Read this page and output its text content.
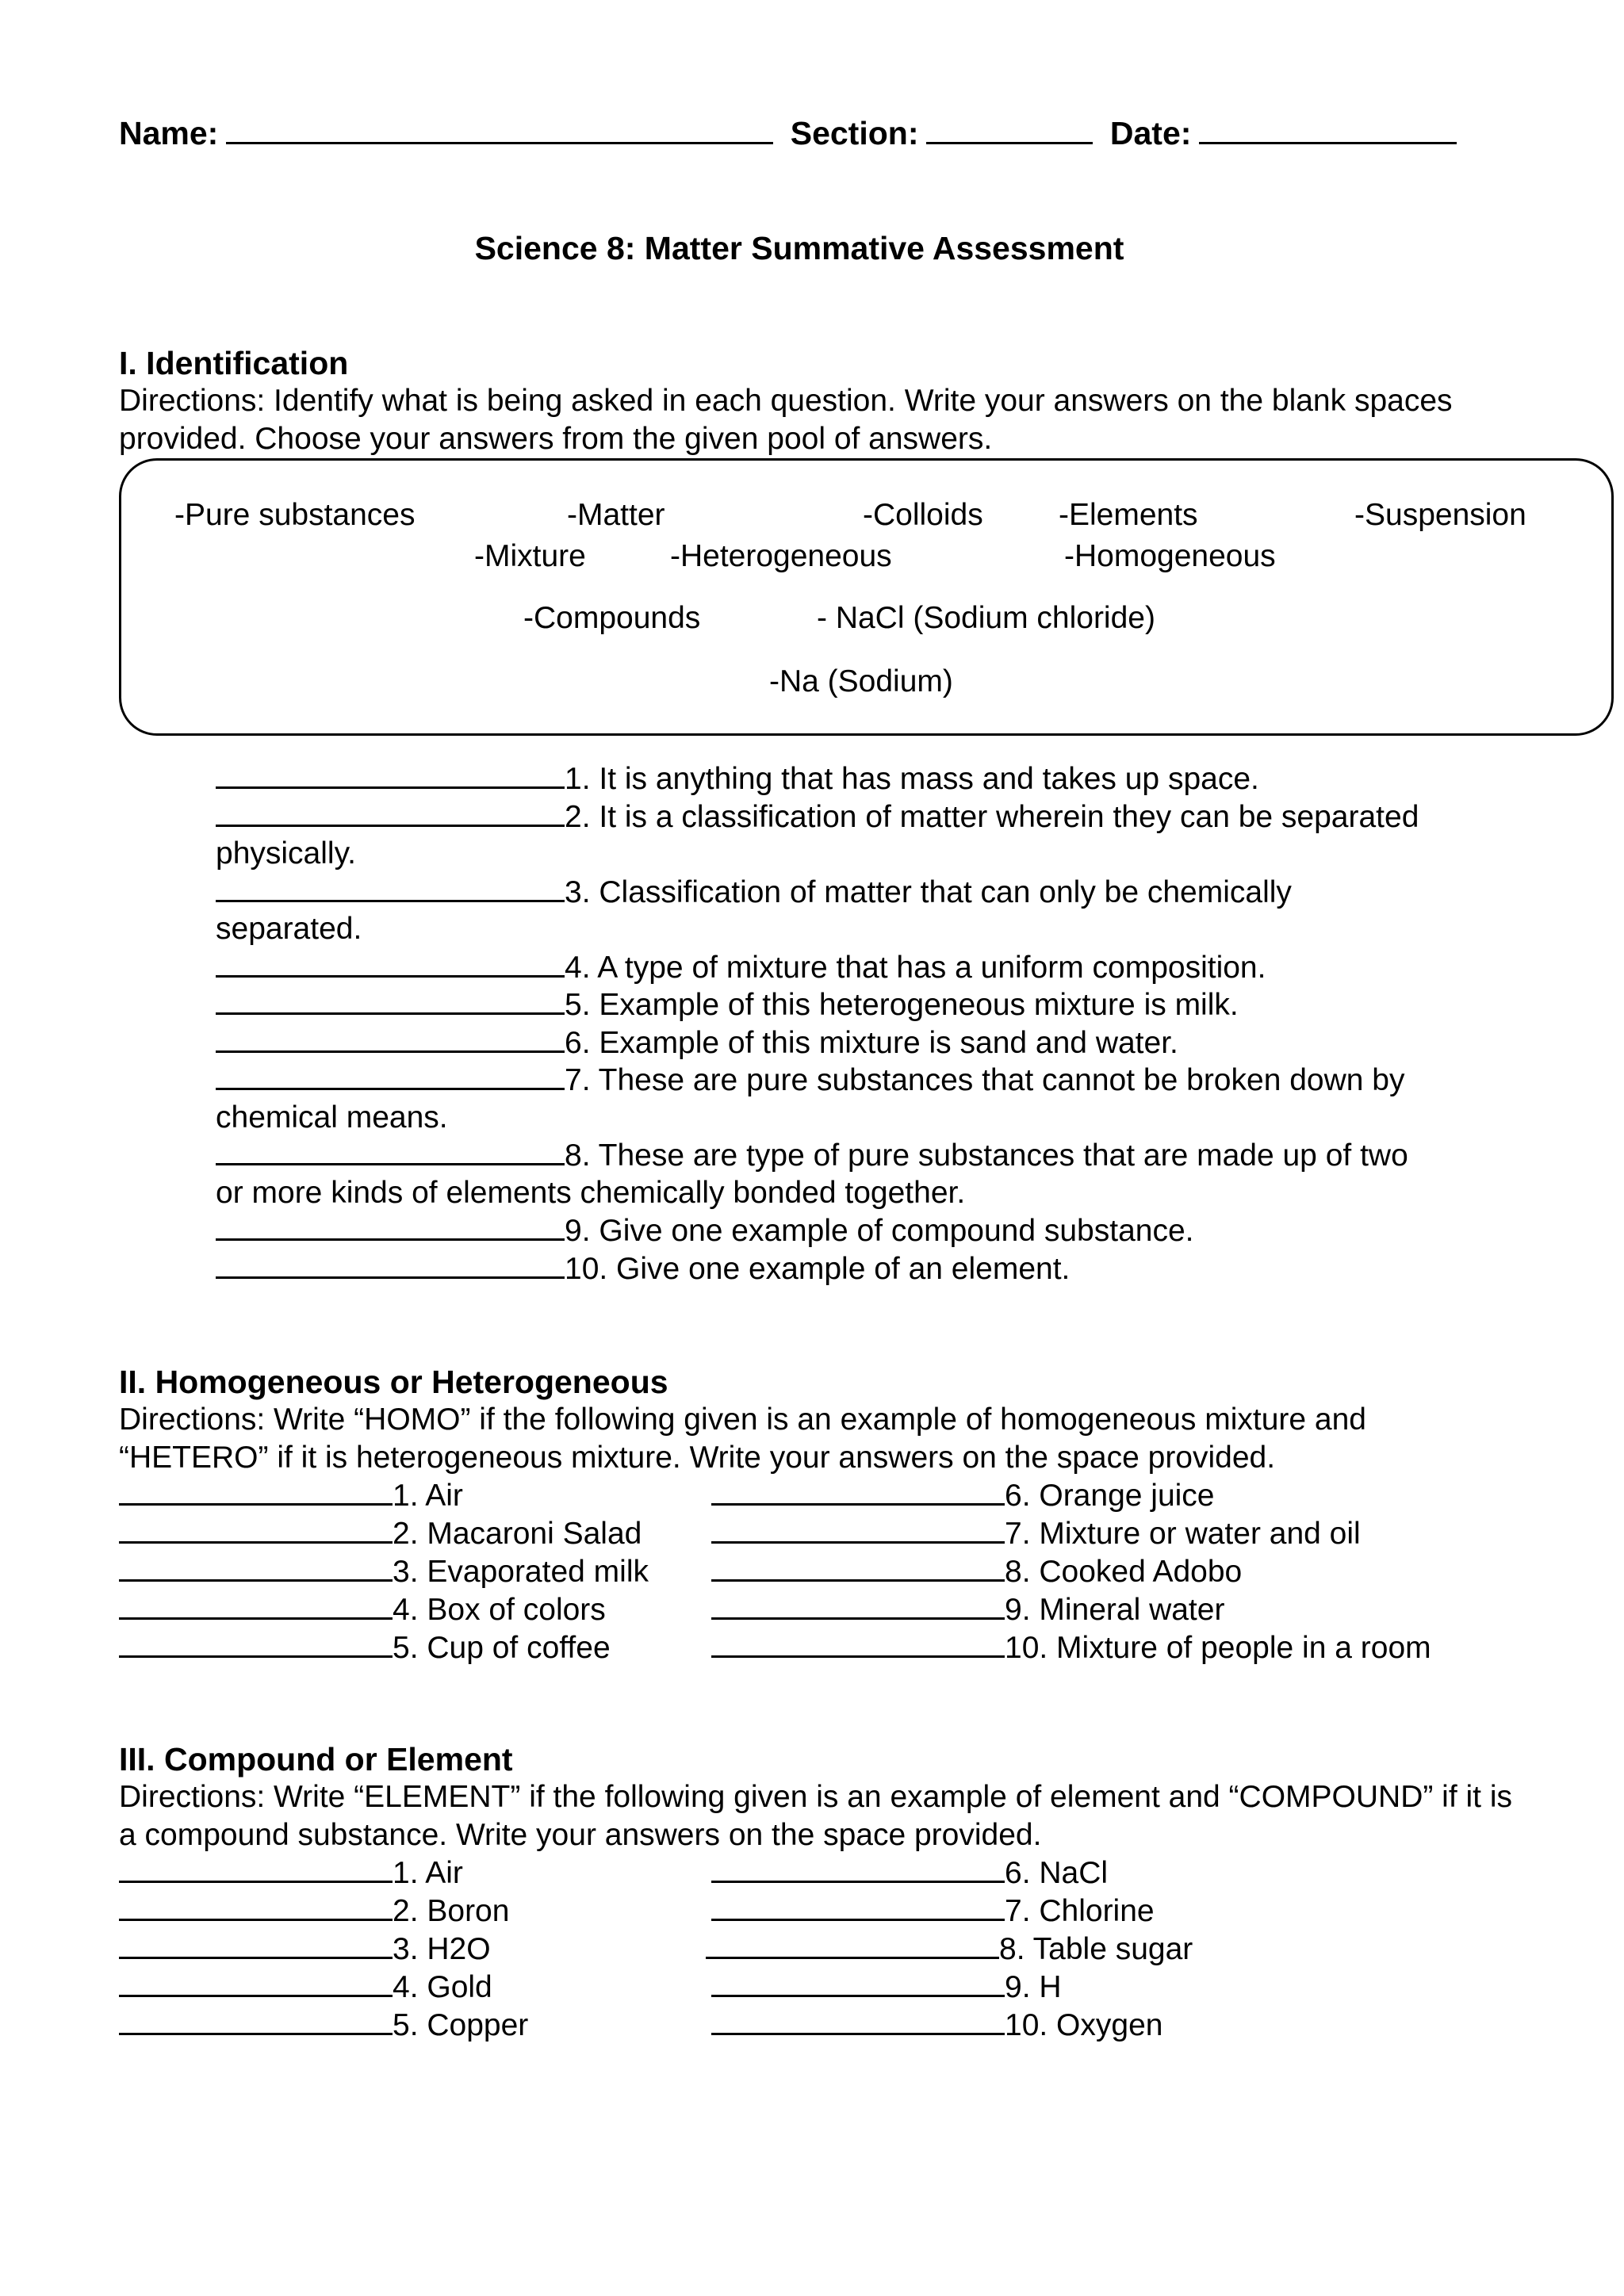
Name:	Section:	Date:
Science 8: Matter Summative Assessment
I. Identification
Directions: Identify what is being asked in each question. Write your answers on the blank spaces provided. Choose your answers from the given pool of answers.
-Pure substances	-Matter	-Colloids -Elements	-Suspension
-Mixture	-Heterogeneous	-Homogeneous
-Compounds	- NaCl (Sodium chloride)
-Na (Sodium)
1. It is anything that has mass and takes up space.
2. It is a classification of matter wherein they can be separated
physically.
3. Classification of matter that can only be chemically
separated.
4. A type of mixture that has a uniform composition.
5. Example of this heterogeneous mixture is milk.
6. Example of this mixture is sand and water.
7. These are pure substances that cannot be broken down by
chemical means.
8. These are type of pure substances that are made up of two
or more kinds of elements chemically bonded together.
9. Give one example of compound substance.
10. Give one example of an element.
II. Homogeneous or Heterogeneous
Directions: Write “HOMO” if the following given is an example of homogeneous mixture and “HETERO” if it is heterogeneous mixture. Write your answers on the space provided.
1. Air
2. Macaroni Salad
3. Evaporated milk
4. Box of colors
5. Cup of coffee
6. Orange juice
7. Mixture or water and oil
8. Cooked Adobo
9. Mineral water
10. Mixture of people in a room
III. Compound or Element
Directions: Write “ELEMENT” if the following given is an example of element and “COMPOUND” if it is a compound substance. Write your answers on the space provided.
1. Air
2. Boron
3. H2O
4. Gold
5. Copper
6. NaCl
7. Chlorine
8. Table sugar
9. H
10. Oxygen
